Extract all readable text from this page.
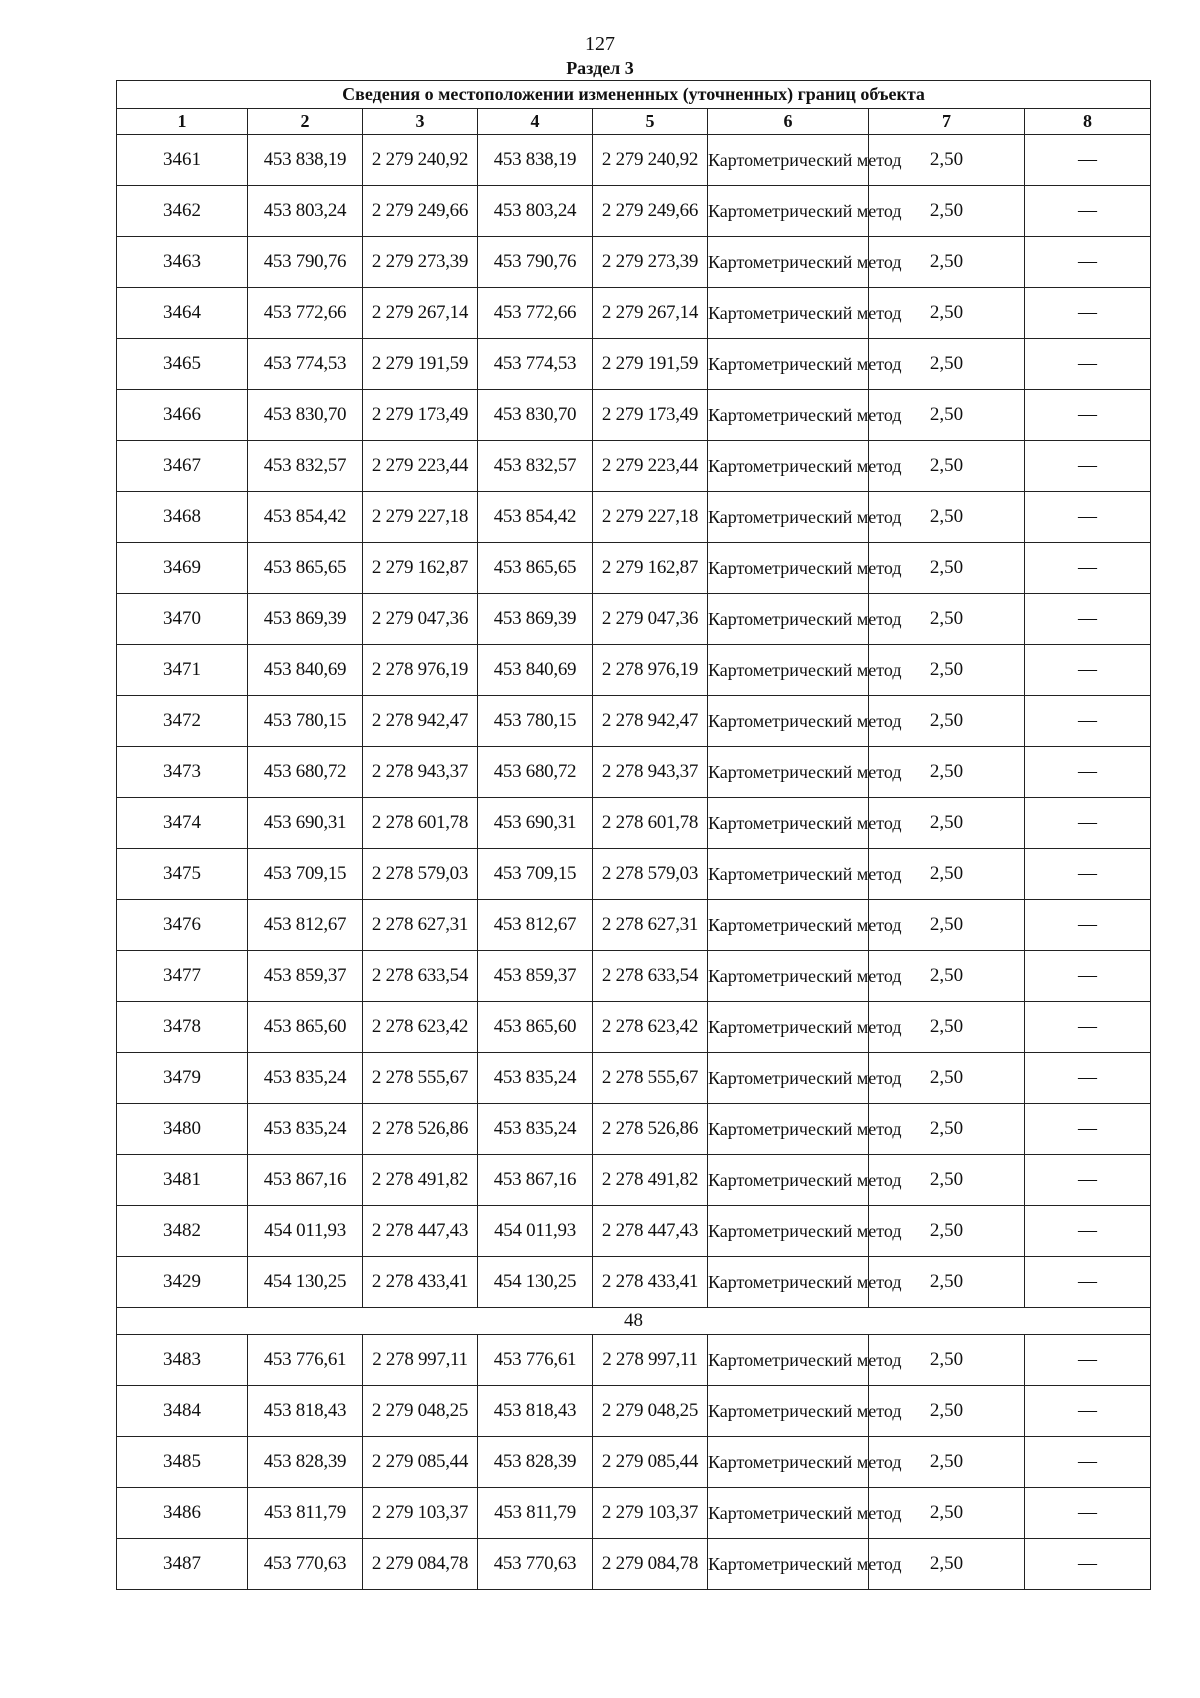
127
Раздел 3
Сведения о местоположении измененных (уточненных) границ объекта							
1	2	3	4	5	6	7	8
3461	453 838,19	2 279 240,92	453 838,19	2 279 240,92	Картометрический метод	2,50	—
3462	453 803,24	2 279 249,66	453 803,24	2 279 249,66	Картометрический метод	2,50	—
3463	453 790,76	2 279 273,39	453 790,76	2 279 273,39	Картометрический метод	2,50	—
3464	453 772,66	2 279 267,14	453 772,66	2 279 267,14	Картометрический метод	2,50	—
3465	453 774,53	2 279 191,59	453 774,53	2 279 191,59	Картометрический метод	2,50	—
3466	453 830,70	2 279 173,49	453 830,70	2 279 173,49	Картометрический метод	2,50	—
3467	453 832,57	2 279 223,44	453 832,57	2 279 223,44	Картометрический метод	2,50	—
3468	453 854,42	2 279 227,18	453 854,42	2 279 227,18	Картометрический метод	2,50	—
3469	453 865,65	2 279 162,87	453 865,65	2 279 162,87	Картометрический метод	2,50	—
3470	453 869,39	2 279 047,36	453 869,39	2 279 047,36	Картометрический метод	2,50	—
3471	453 840,69	2 278 976,19	453 840,69	2 278 976,19	Картометрический метод	2,50	—
3472	453 780,15	2 278 942,47	453 780,15	2 278 942,47	Картометрический метод	2,50	—
3473	453 680,72	2 278 943,37	453 680,72	2 278 943,37	Картометрический метод	2,50	—
3474	453 690,31	2 278 601,78	453 690,31	2 278 601,78	Картометрический метод	2,50	—
3475	453 709,15	2 278 579,03	453 709,15	2 278 579,03	Картометрический метод	2,50	—
3476	453 812,67	2 278 627,31	453 812,67	2 278 627,31	Картометрический метод	2,50	—
3477	453 859,37	2 278 633,54	453 859,37	2 278 633,54	Картометрический метод	2,50	—
3478	453 865,60	2 278 623,42	453 865,60	2 278 623,42	Картометрический метод	2,50	—
3479	453 835,24	2 278 555,67	453 835,24	2 278 555,67	Картометрический метод	2,50	—
3480	453 835,24	2 278 526,86	453 835,24	2 278 526,86	Картометрический метод	2,50	—
3481	453 867,16	2 278 491,82	453 867,16	2 278 491,82	Картометрический метод	2,50	—
3482	454 011,93	2 278 447,43	454 011,93	2 278 447,43	Картометрический метод	2,50	—
3429	454 130,25	2 278 433,41	454 130,25	2 278 433,41	Картометрический метод	2,50	—
48							
3483	453 776,61	2 278 997,11	453 776,61	2 278 997,11	Картометрический метод	2,50	—
3484	453 818,43	2 279 048,25	453 818,43	2 279 048,25	Картометрический метод	2,50	—
3485	453 828,39	2 279 085,44	453 828,39	2 279 085,44	Картометрический метод	2,50	—
3486	453 811,79	2 279 103,37	453 811,79	2 279 103,37	Картометрический метод	2,50	—
3487	453 770,63	2 279 084,78	453 770,63	2 279 084,78	Картометрический метод	2,50	—
